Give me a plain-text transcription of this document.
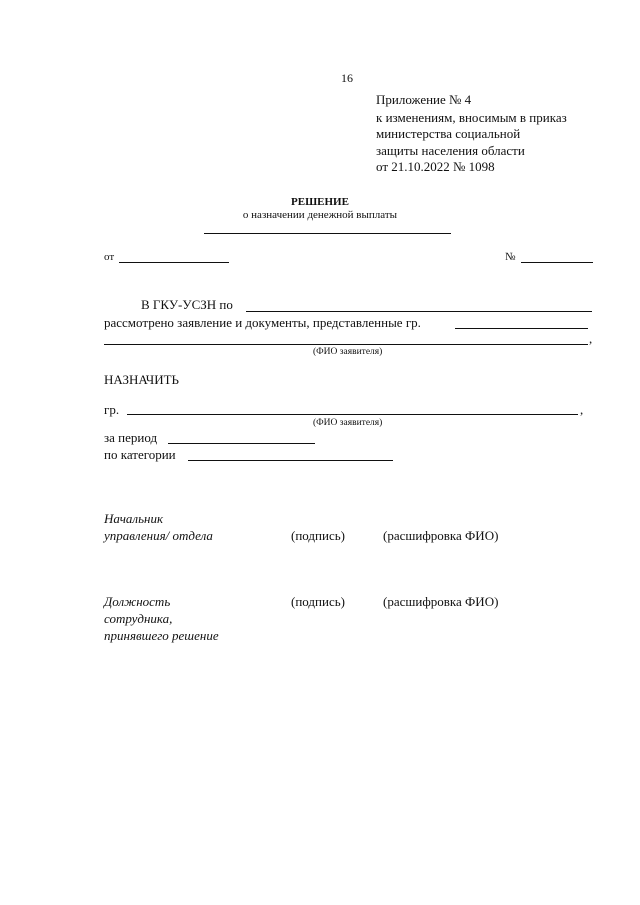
16
Приложение № 4
к изменениям, вносимым в приказ
министерства социальной
защиты населения области
от 21.10.2022 № 1098
РЕШЕНИЕ
о назначении денежной выплаты
от	№
В ГКУ-УСЗН по
рассмотрено заявление и документы, представленные гр.
,
(ФИО заявителя)
НАЗНАЧИТЬ
гр.	,
(ФИО заявителя)
за период
по категории
Начальник
управления/ отдела	(подпись)	(расшифровка ФИО)
Должность
сотрудника,
принявшего решение
(подпись)	(расшифровка ФИО)
